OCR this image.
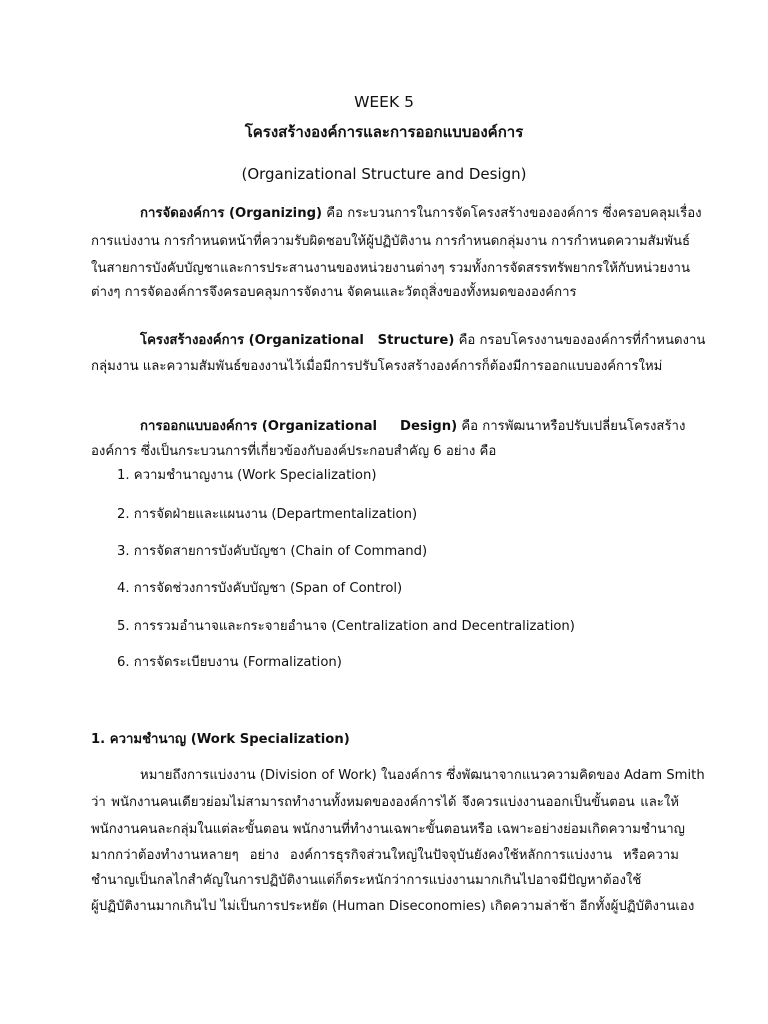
WEEK 5
โครงสร้างองค์การและการออกแบบองค์การ
(Organizational Structure and Design)
การจัดองค์การ (Organizing) คือ กระบวนการในการจัดโครงสร้างขององค์การ ซึ่งครอบคลุมเรื่อง
การแบ่งงาน การกำหนดหน้าที่ความรับผิดชอบให้ผู้ปฏิบัติงาน การกำหนดกลุ่มงาน การกำหนดความสัมพันธ์
ในสายการบังคับบัญชาและการประสานงานของหน่วยงานต่างๆ รวมทั้งการจัดสรรทรัพยากรให้กับหน่วยงาน
ต่างๆ การจัดองค์การจึงครอบคลุมการจัดงาน จัดคนและวัตถุสิ่งของทั้งหมดขององค์การ
โครงสร้างองค์การ (Organizational   Structure) คือ กรอบโครงงานขององค์การที่กำหนดงาน
กลุ่มงาน และความสัมพันธ์ของงานไว้เมื่อมีการปรับโครงสร้างองค์การก็ต้องมีการออกแบบองค์การใหม่
การออกแบบองค์การ (Organizational     Design) คือ การพัฒนาหรือปรับเปลี่ยนโครงสร้าง
องค์การ ซึ่งเป็นกระบวนการที่เกี่ยวข้องกับองค์ประกอบสำคัญ 6 อย่าง คือ
1. ความชำนาญงาน (Work Specialization)
2. การจัดฝ่ายและแผนงาน (Departmentalization)
3. การจัดสายการบังคับบัญชา (Chain of Command)
4. การจัดช่วงการบังคับบัญชา (Span of Control)
5. การรวมอำนาจและกระจายอำนาจ (Centralization and Decentralization)
6. การจัดระเบียบงาน (Formalization)
1. ความชำนาญ (Work Specialization)
หมายถึงการแบ่งงาน (Division of Work) ในองค์การ ซึ่งพัฒนาจากแนวความคิดของ Adam Smith
ว่า พนักงานคนเดียวย่อมไม่สามารถทำงานทั้งหมดขององค์การได้ จึงควรแบ่งงานออกเป็นขั้นตอน และให้
พนักงานคนละกลุ่มในแต่ละขั้นตอน พนักงานที่ทำงานเฉพาะขั้นตอนหรือ เฉพาะอย่างย่อมเกิดความชำนาญ
มากกว่าต้องทำงานหลายๆ อย่าง องค์การธุรกิจส่วนใหญ่ในปัจจุบันยังคงใช้หลักการแบ่งงาน หรือความ
ชำนาญเป็นกลไกสำคัญในการปฏิบัติงานแต่ก็ตระหนักว่าการแบ่งงานมากเกินไปอาจมีปัญหาต้องใช้
ผู้ปฏิบัติงานมากเกินไป ไม่เป็นการประหยัด (Human Diseconomies) เกิดความล่าช้า อีกทั้งผู้ปฏิบัติงานเอง
